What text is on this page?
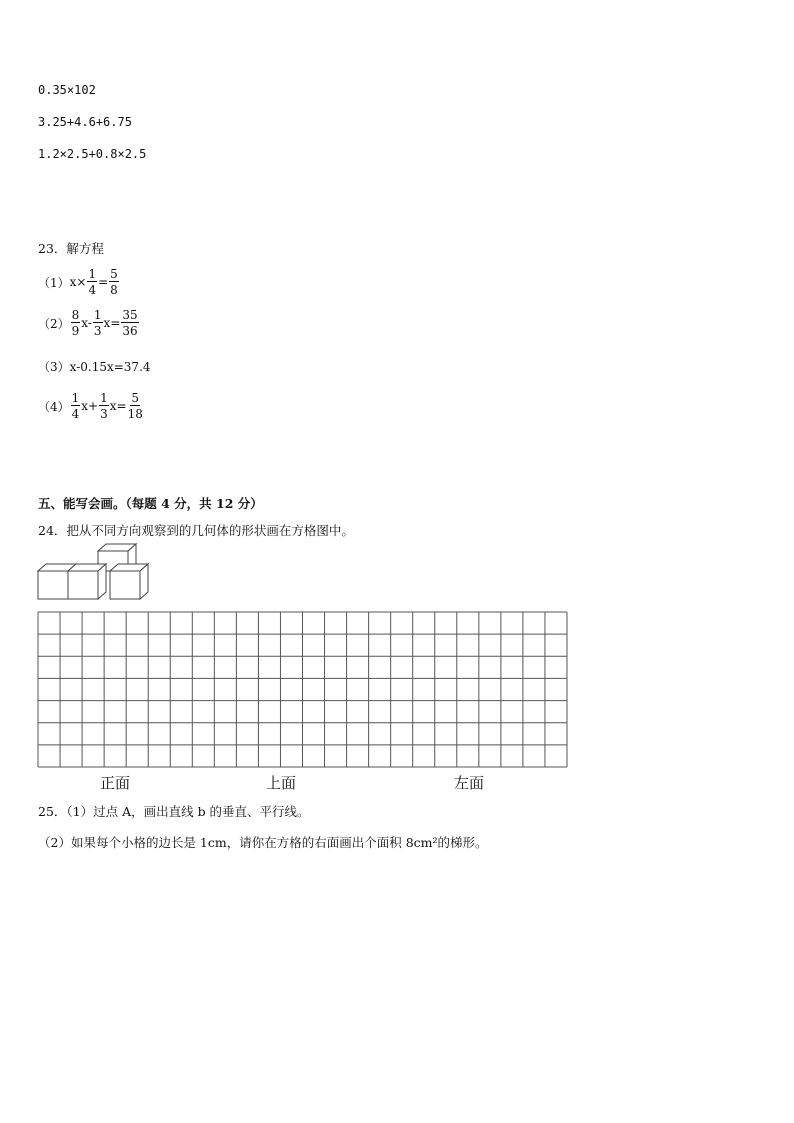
0.35×102
3.25+4.6+6.75
1.2×2.5+0.8×2.5
23．解方程
（1） $x\times \frac{1}{4} = \frac{5}{8}$
$(2) \frac{8}{9} x- \frac{1}{3} x= \frac{35}{36}$
（3） x-0.15x=37.4
$(4) \frac{1}{4} x+ \frac{1}{3} x= \frac{5}{18}$
五、能写会画。（每题 4 分，共 12 分）
24．把从不同方向观察到的几何体的形状画在方格图中。
正面	上面	左面
25．（1）过点 A，画出直线 b 的垂直、平行线。
（2）如果每个小格的边长是 1cm，请你在方格的右面画出个面积 8cm²的梯形。
